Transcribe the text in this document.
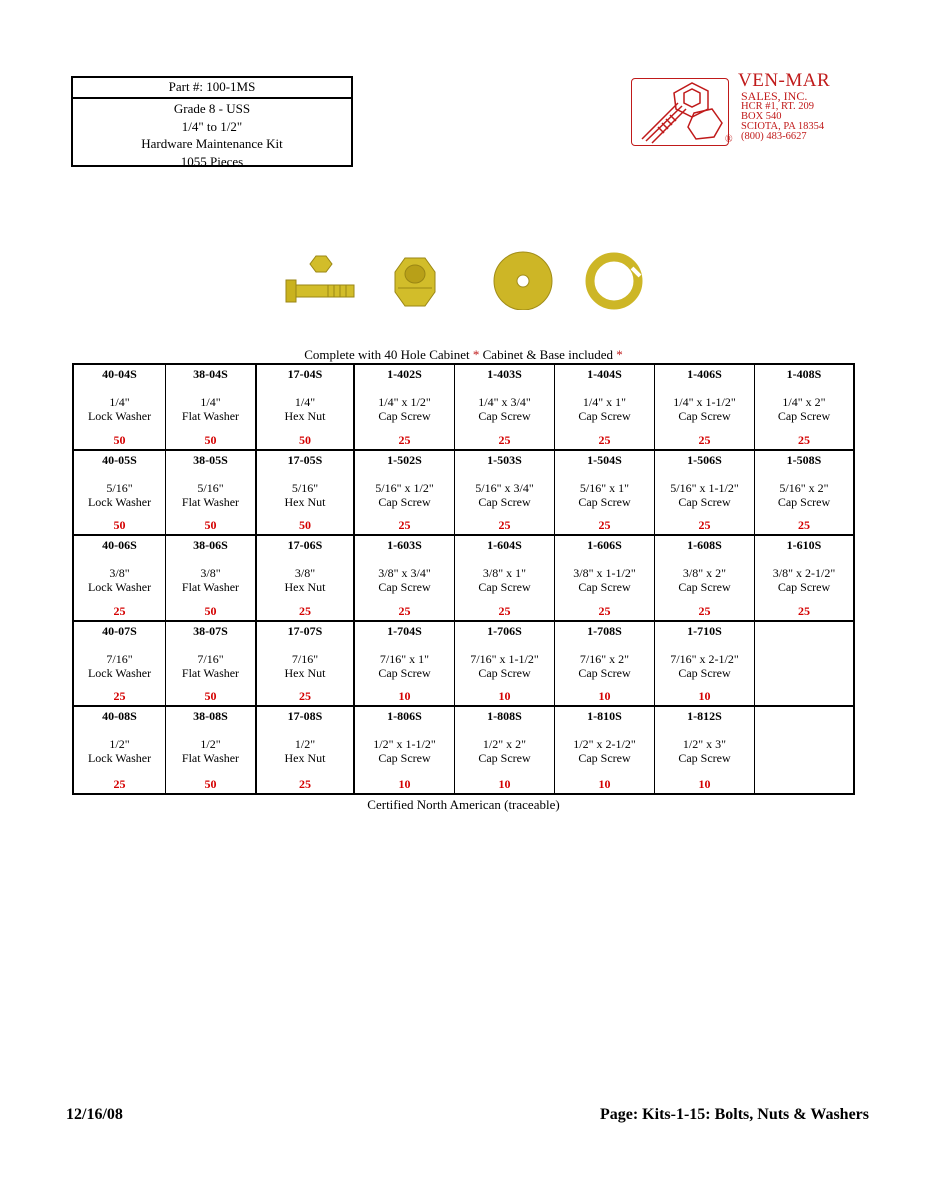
Part #: 100-1MS
Grade 8 - USS
1/4" to 1/2"
Hardware Maintenance Kit
1055 Pieces
VEN-MAR
SALES, INC.
HCR #1, RT. 209
BOX 540
SCIOTA, PA 18354
(800) 483-6627
®
Complete with 40 Hole Cabinet * Cabinet & Base included *
40-04S
1/4"
Lock Washer
50
38-04S
1/4"
Flat Washer
50
17-04S
1/4"
Hex Nut
50
1-402S
1/4" x 1/2"
Cap Screw
25
1-403S
1/4" x 3/4"
Cap Screw
25
1-404S
1/4" x 1"
Cap Screw
25
1-406S
1/4" x 1-1/2"
Cap Screw
25
1-408S
1/4" x 2"
Cap Screw
25
40-05S
5/16"
Lock Washer
50
38-05S
5/16"
Flat Washer
50
17-05S
5/16"
Hex Nut
50
1-502S
5/16" x 1/2"
Cap Screw
25
1-503S
5/16" x 3/4"
Cap Screw
25
1-504S
5/16" x 1"
Cap Screw
25
1-506S
5/16" x 1-1/2"
Cap Screw
25
1-508S
5/16" x 2"
Cap Screw
25
40-06S
3/8"
Lock Washer
25
38-06S
3/8"
Flat Washer
50
17-06S
3/8"
Hex Nut
25
1-603S
3/8" x 3/4"
Cap Screw
25
1-604S
3/8" x 1"
Cap Screw
25
1-606S
3/8" x 1-1/2"
Cap Screw
25
1-608S
3/8" x 2"
Cap Screw
25
1-610S
3/8" x 2-1/2"
Cap Screw
25
40-07S
7/16"
Lock Washer
25
38-07S
7/16"
Flat Washer
50
17-07S
7/16"
Hex Nut
25
1-704S
7/16" x 1"
Cap Screw
10
1-706S
7/16" x 1-1/2"
Cap Screw
10
1-708S
7/16" x 2"
Cap Screw
10
1-710S
7/16" x 2-1/2"
Cap Screw
10
40-08S
1/2"
Lock Washer
25
38-08S
1/2"
Flat Washer
50
17-08S
1/2"
Hex Nut
25
1-806S
1/2" x 1-1/2"
Cap Screw
10
1-808S
1/2" x 2"
Cap Screw
10
1-810S
1/2" x 2-1/2"
Cap Screw
10
1-812S
1/2" x 3"
Cap Screw
10
Certified North American (traceable)
12/16/08	Page: Kits-1-15: Bolts, Nuts & Washers
